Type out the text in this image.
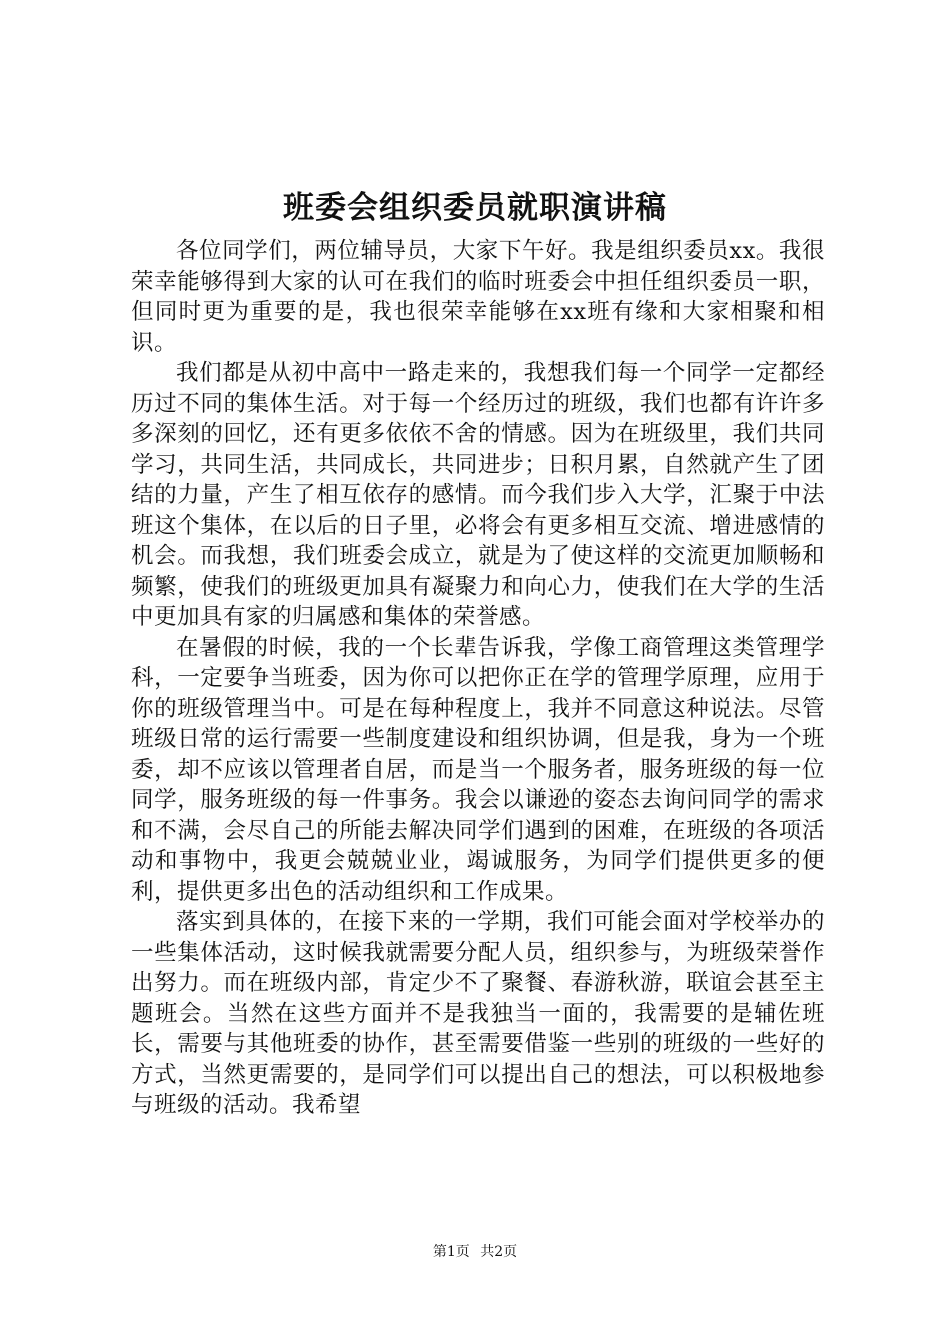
班委会组织委员就职演讲稿

各位同学们，两位辅导员，大家下午好。我是组织委员xx。我很荣幸能够得到大家的认可在我们的临时班委会中担任组织委员一职，但同时更为重要的是，我也很荣幸能够在xx班有缘和大家相聚和相识。

我们都是从初中高中一路走来的，我想我们每一个同学一定都经历过不同的集体生活。对于每一个经历过的班级，我们也都有许许多多深刻的回忆，还有更多依依不舍的情感。因为在班级里，我们共同学习，共同生活，共同成长，共同进步；日积月累，自然就产生了团结的力量，产生了相互依存的感情。而今我们步入大学，汇聚于中法班这个集体，在以后的日子里，必将会有更多相互交流、增进感情的机会。而我想，我们班委会成立，就是为了使这样的交流更加顺畅和频繁，使我们的班级更加具有凝聚力和向心力，使我们在大学的生活中更加具有家的归属感和集体的荣誉感。

在暑假的时候，我的一个长辈告诉我，学像工商管理这类管理学科，一定要争当班委，因为你可以把你正在学的管理学原理，应用于你的班级管理当中。可是在每种程度上，我并不同意这种说法。尽管班级日常的运行需要一些制度建设和组织协调，但是我，身为一个班委，却不应该以管理者自居，而是当一个服务者，服务班级的每一位同学，服务班级的每一件事务。我会以谦逊的姿态去询问同学的需求和不满，会尽自己的所能去解决同学们遇到的困难，在班级的各项活动和事物中，我更会兢兢业业，竭诚服务，为同学们提供更多的便利，提供更多出色的活动组织和工作成果。

落实到具体的，在接下来的一学期，我们可能会面对学校举办的一些集体活动，这时候我就需要分配人员，组织参与，为班级荣誉作出努力。而在班级内部，肯定少不了聚餐、春游秋游，联谊会甚至主题班会。当然在这些方面并不是我独当一面的，我需要的是辅佐班长，需要与其他班委的协作，甚至需要借鉴一些别的班级的一些好的方式，当然更需要的，是同学们可以提出自己的想法，可以积极地参与班级的活动。我希望

第1页 共2页
